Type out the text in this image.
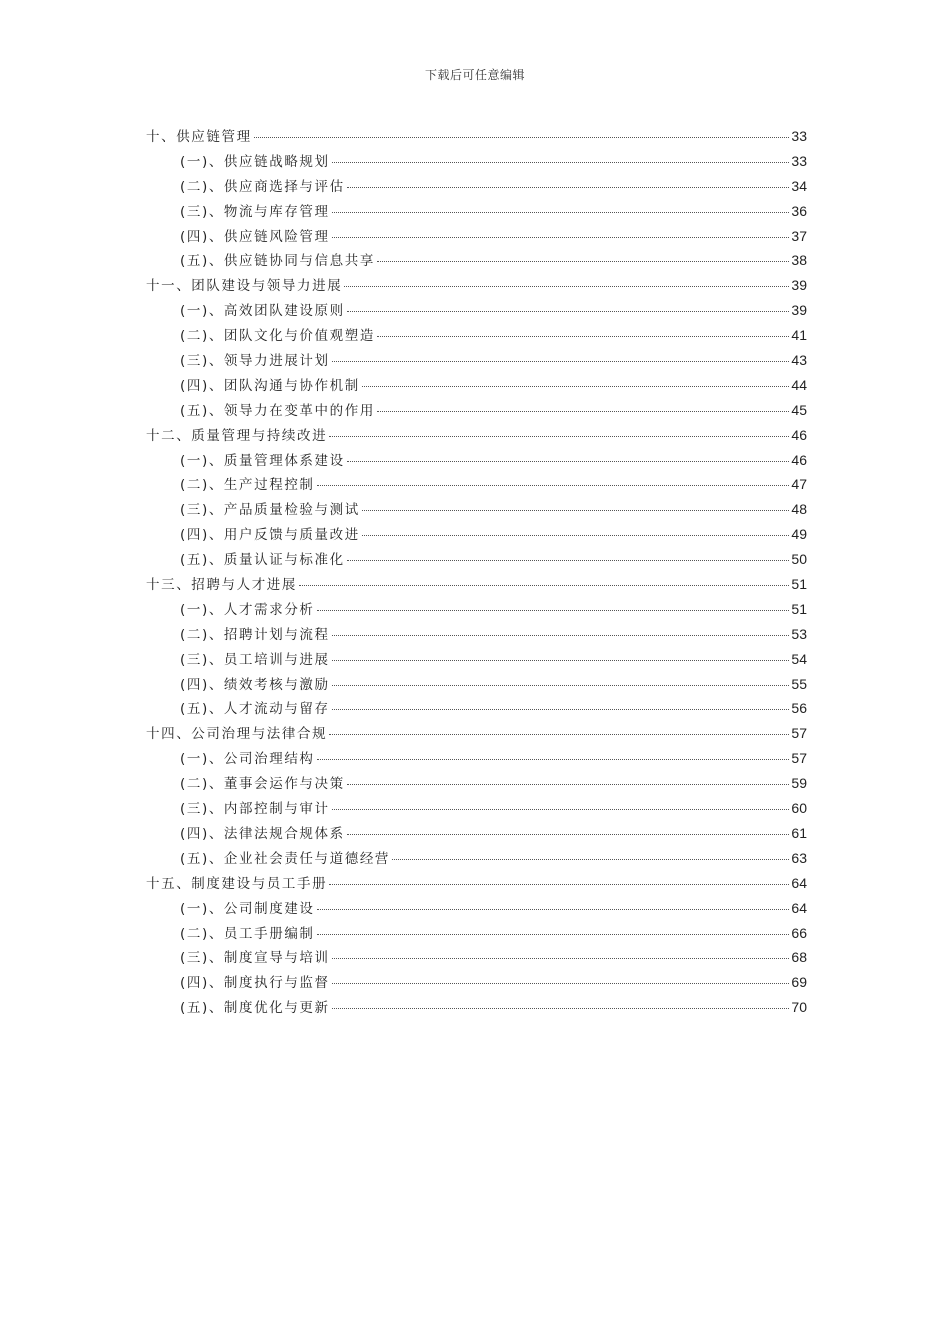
下载后可任意编辑
十、供应链管理	33
(一)、供应链战略规划	33
(二)、供应商选择与评估	34
(三)、物流与库存管理	36
(四)、供应链风险管理	37
(五)、供应链协同与信息共享	38
十一、团队建设与领导力进展	39
(一)、高效团队建设原则	39
(二)、团队文化与价值观塑造	41
(三)、领导力进展计划	43
(四)、团队沟通与协作机制	44
(五)、领导力在变革中的作用	45
十二、质量管理与持续改进	46
(一)、质量管理体系建设	46
(二)、生产过程控制	47
(三)、产品质量检验与测试	48
(四)、用户反馈与质量改进	49
(五)、质量认证与标准化	50
十三、招聘与人才进展	51
(一)、人才需求分析	51
(二)、招聘计划与流程	53
(三)、员工培训与进展	54
(四)、绩效考核与激励	55
(五)、人才流动与留存	56
十四、公司治理与法律合规	57
(一)、公司治理结构	57
(二)、董事会运作与决策	59
(三)、内部控制与审计	60
(四)、法律法规合规体系	61
(五)、企业社会责任与道德经营	63
十五、制度建设与员工手册	64
(一)、公司制度建设	64
(二)、员工手册编制	66
(三)、制度宣导与培训	68
(四)、制度执行与监督	69
(五)、制度优化与更新	70
